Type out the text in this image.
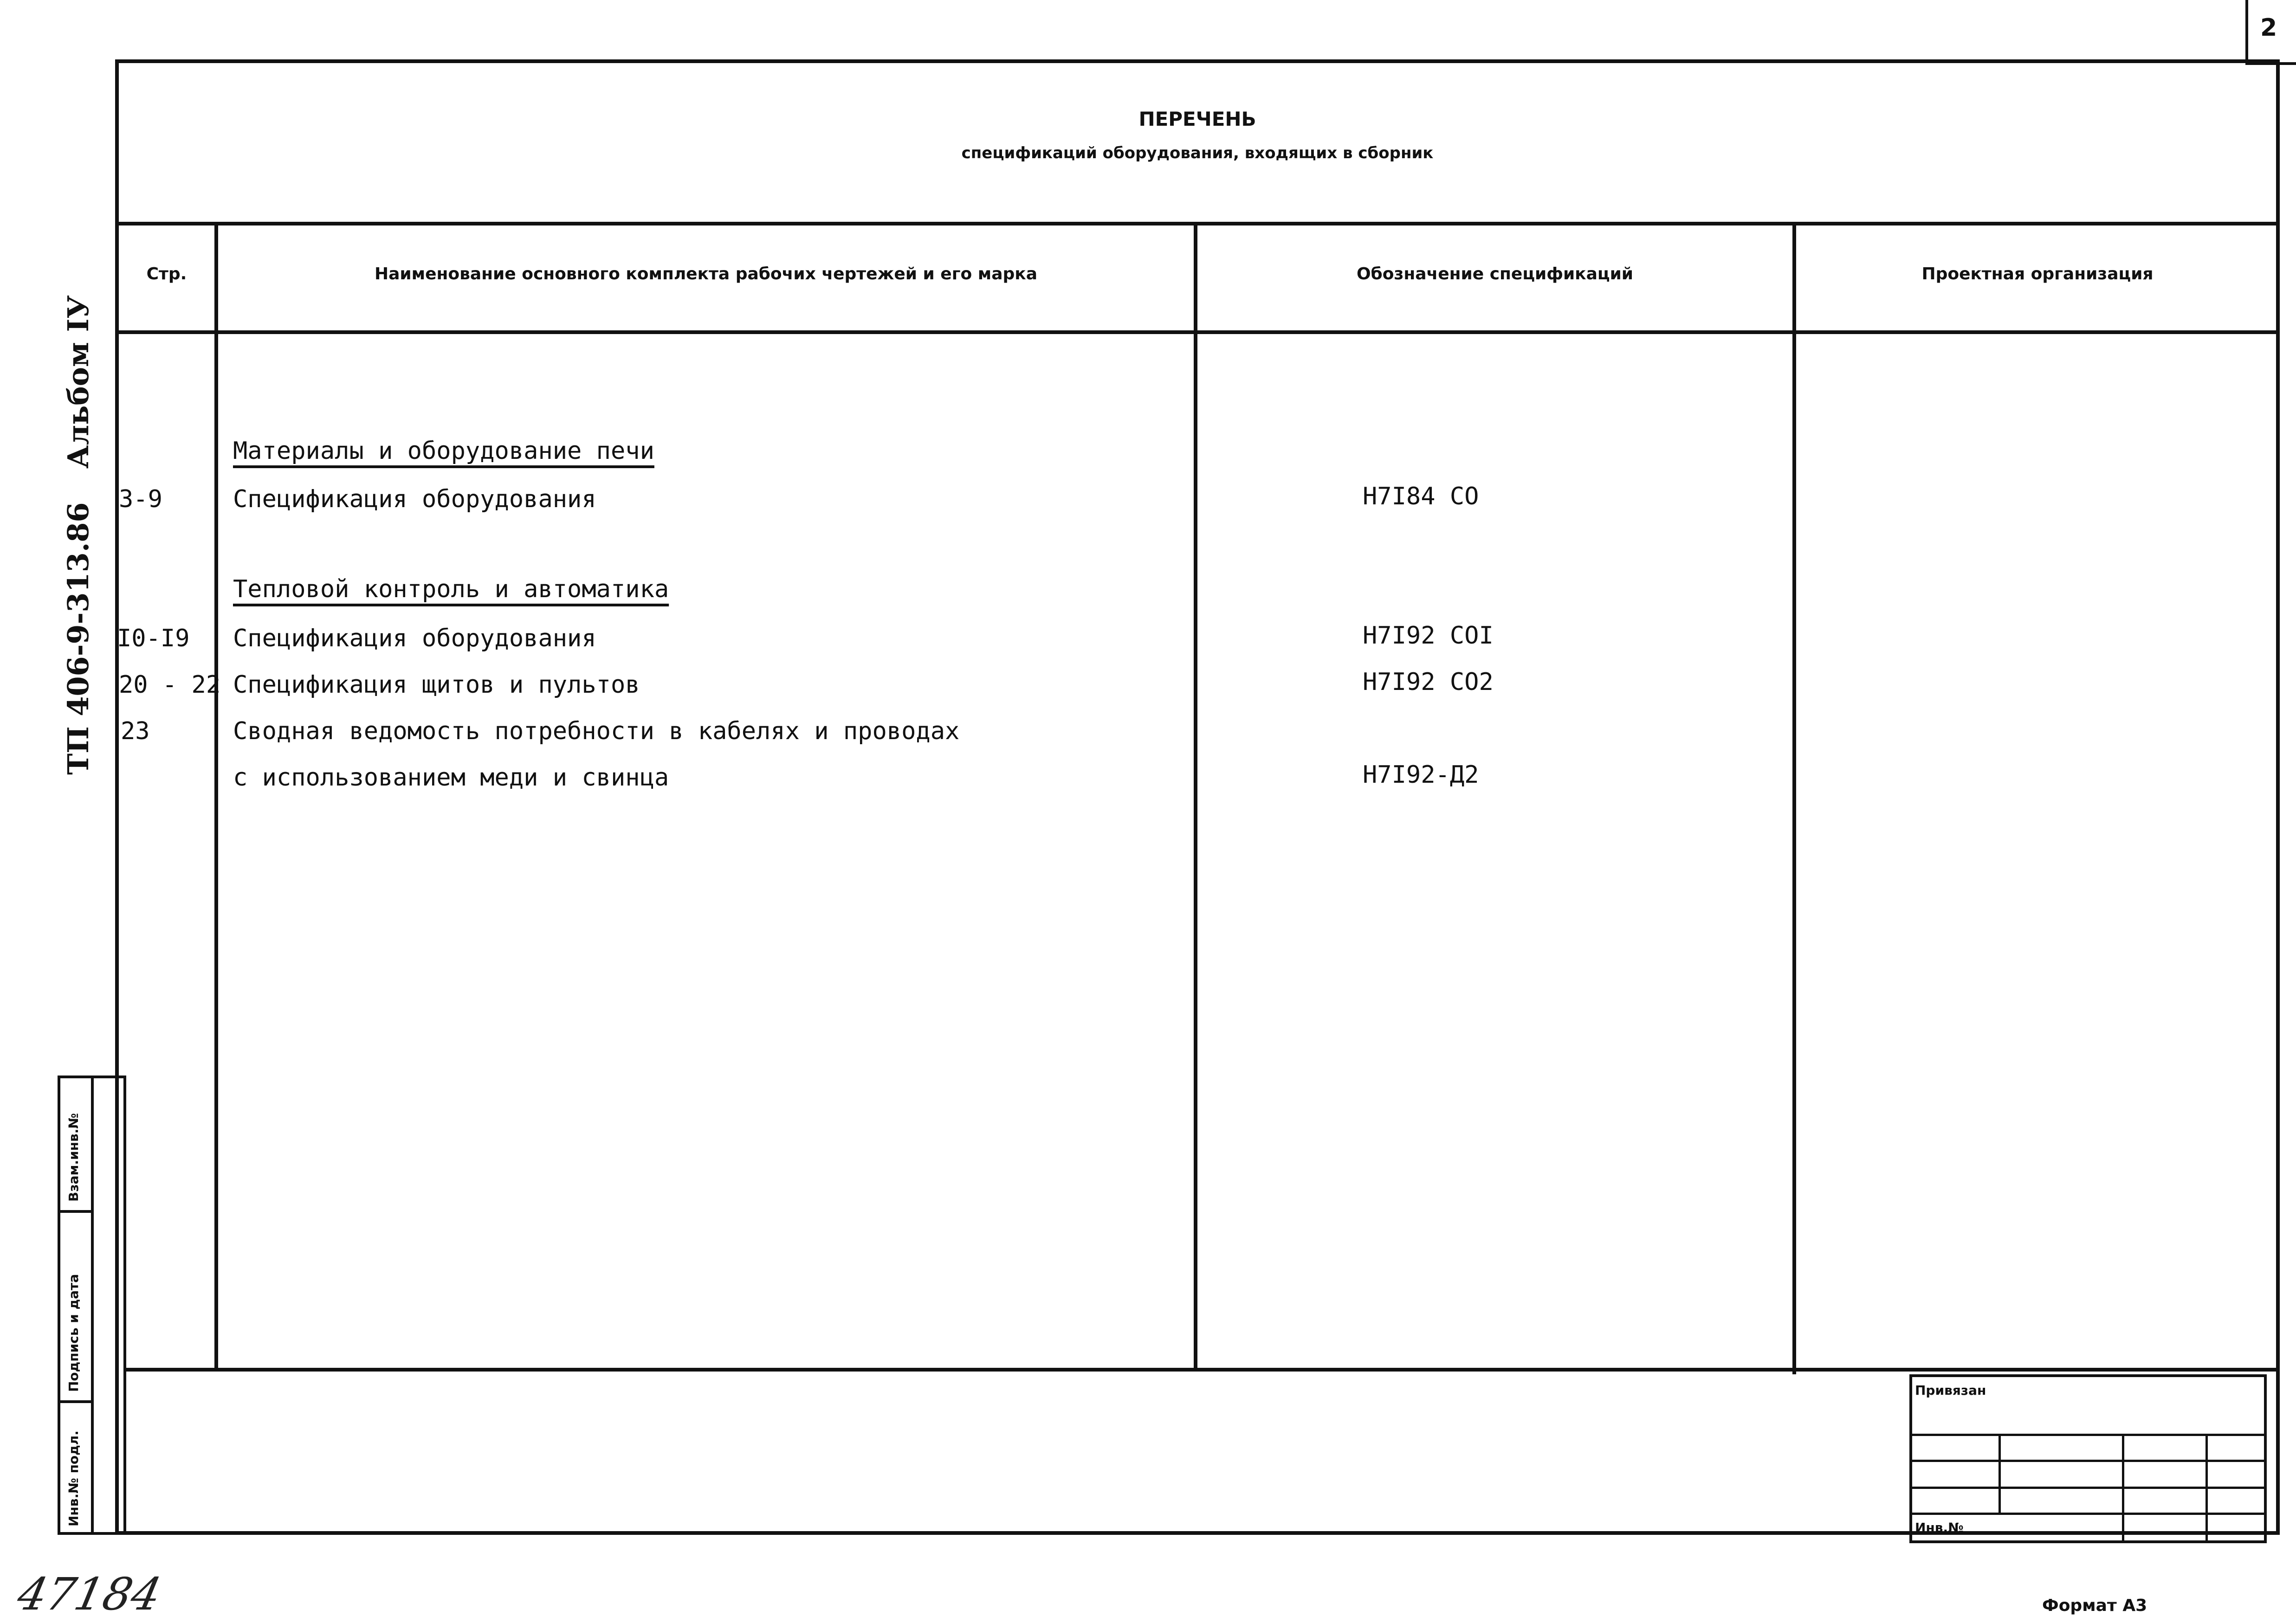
2
ПЕРЕЧЕНЬ
спецификаций оборудования, входящих в сборник
Стр.	Наименование основного комплекта рабочих чертежей и его марка	Обозначение спецификаций	Проектная организация
Материалы и оборудование печи
3-9	Спецификация оборудования	Н7I84 СО
Тепловой контроль и автоматика
I0-I9 Спецификация оборудования	Н7I92 СОI
20 - 22 Спецификация щитов и пультов	Н7I92 СО2
23	Сводная ведомость потребности в кабелях и проводах
с использованием меди и свинца	Н7I92-Д2
Альбом IУ
ТП 406-9-313.86
Взам.инв.№
Подпись и дата
Инв.№ подл.
Привязан
Инв.№
47184	Формат А3
